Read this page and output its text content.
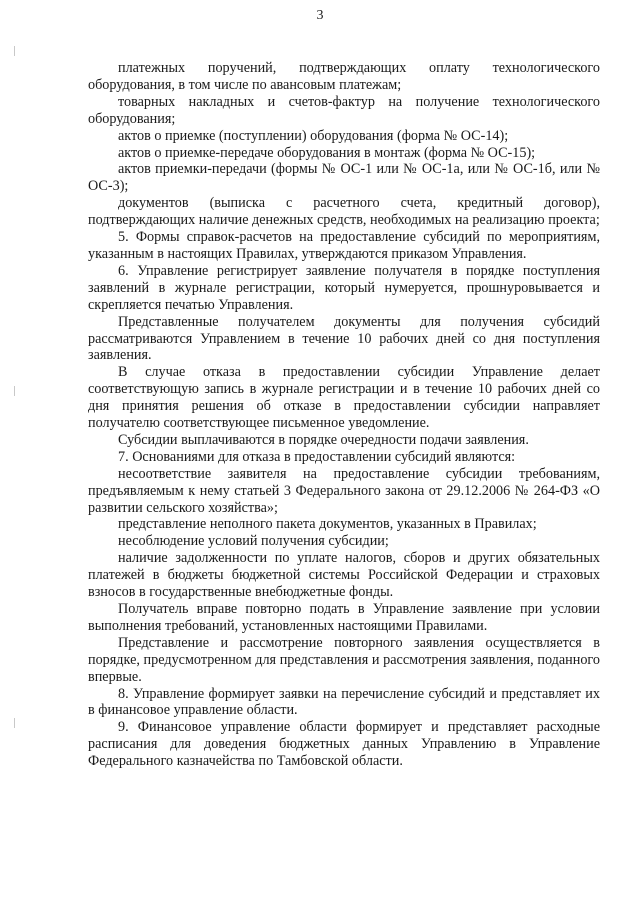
3

платежных поручений, подтверждающих оплату технологического оборудования, в том числе по авансовым платежам;

товарных накладных и счетов-фактур на получение технологического оборудования;

актов о приемке (поступлении) оборудования (форма № ОС-14);

актов о приемке-передаче оборудования в монтаж (форма № ОС-15);

актов приемки-передачи (формы № ОС-1 или № ОС-1а, или № ОС-1б, или № ОС-3);

документов (выписка с расчетного счета, кредитный договор), подтверждающих наличие денежных средств, необходимых на реализацию проекта;

5. Формы справок-расчетов на предоставление субсидий по мероприятиям, указанным в настоящих Правилах, утверждаются приказом Управления.

6. Управление регистрирует заявление получателя в порядке поступления заявлений в журнале регистрации, который нумеруется, прошнуровывается и скрепляется печатью Управления.

Представленные получателем документы для получения субсидий рассматриваются Управлением в течение 10 рабочих дней со дня поступления заявления.

В случае отказа в предоставлении субсидии Управление делает соответствующую запись в журнале регистрации и в течение 10 рабочих дней со дня принятия решения об отказе в предоставлении субсидии направляет получателю соответствующее письменное уведомление.

Субсидии выплачиваются в порядке очередности подачи заявления.

7. Основаниями для отказа в предоставлении субсидий являются:

несоответствие заявителя на предоставление субсидии требованиям, предъявляемым к нему статьей 3 Федерального закона от 29.12.2006 № 264-ФЗ «О развитии сельского хозяйства»;

представление неполного пакета документов, указанных в Правилах;

несоблюдение условий получения субсидии;

наличие задолженности по уплате налогов, сборов и других обязательных платежей в бюджеты бюджетной системы Российской Федерации и страховых взносов в государственные внебюджетные фонды.

Получатель вправе повторно подать в Управление заявление при условии выполнения требований, установленных настоящими Правилами.

Представление и рассмотрение повторного заявления осуществляется в порядке, предусмотренном для представления и рассмотрения заявления, поданного впервые.

8. Управление формирует заявки на перечисление субсидий и представляет их в финансовое управление области.

9. Финансовое управление области формирует и представляет расходные расписания для доведения бюджетных данных Управлению в Управление Федерального казначейства по Тамбовской области.
